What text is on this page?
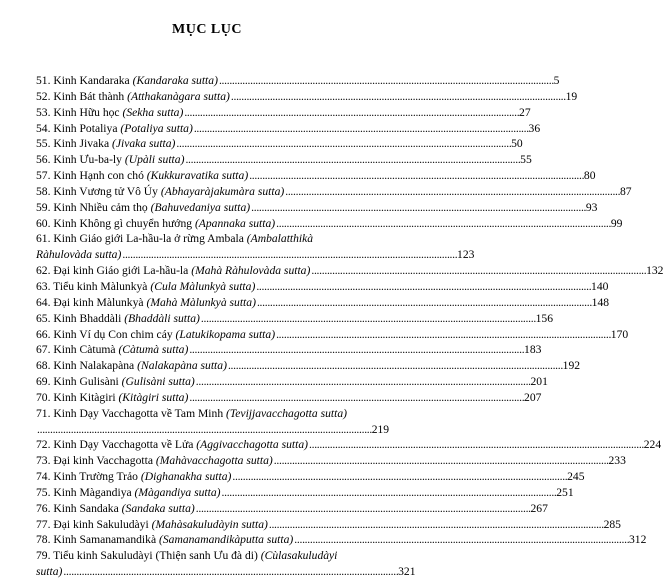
MỤC LỤC
51. Kinh Kandaraka (Kandaraka sutta) . . .	5
52. Kinh Bát thành (Atthakanàgara sutta) . . .	19
53. Kinh Hữu học (Sekha sutta) . . .	27
54. Kinh Potaliya (Potaliya sutta) . . .	36
55. Kinh Jivaka (Jivaka sutta) . . .	50
56. Kinh Ưu-ba-ly (Upàli sutta) . . .	55
57. Kinh Hạnh con chó (Kukkuravatika sutta) . . .	80
58. Kinh Vương tử Vô Úy (Abhayaràjakumàra sutta) . . .	87
59. Kinh Nhiều cảm thọ (Bahuvedaniya sutta) . . .	93
60. Kinh Không gì chuyển hướng (Apannaka sutta) . . .	99
61. Kinh Giáo giới La-hầu-la ở rừng Ambala (Ambalatthikà
Ràhulovàda sutta) . . .	123
62. Đại kinh Giáo giới La-hầu-la (Mahà Ràhulovàda sutta) . . .	132
63. Tiểu kinh Màlunkyà (Cula Màlunkyà sutta) . . .	140
64. Đại kinh Màlunkyà (Mahà Màlunkyà sutta) . . .	148
65. Kinh Bhaddàli (Bhaddàli sutta) . . .	156
66. Kinh Ví dụ Con chim cáy (Latukikopama sutta) . . .	170
67. Kinh Càtumà (Càtumà sutta) . . .	183
68. Kinh Nalakapàna (Nalakapàna sutta) . . .	192
69. Kinh Gulisàni (Gulisàni sutta) . . .	201
70. Kinh Kitàgiri (Kitàgiri sutta) . . .	207
71. Kinh Dạy Vacchagotta về Tam Minh (Tevijjavacchagotta sutta)
. . .
219
72. Kinh Dạy Vacchagotta về Lửa (Aggivacchagotta sutta) . . .	224
73. Đại kinh Vacchagotta (Mahàvacchagotta sutta) . . .	233
74. Kinh Trường Trảo (Dighanakha sutta) . . .	245
75. Kinh Màgandiya (Màgandiya sutta) . . .	251
76. Kinh Sandaka (Sandaka sutta) . . .	267
77. Đại kinh Sakuludàyi (Mahàsakuludàyin sutta) . . .	285
78. Kinh Samanamandikà (Samanamandikàputta sutta) . . .	312
79. Tiểu kinh Sakuludàyi (Thiện sanh Ưu đà di) (Cùlasakuludàyi
sutta) . . .	321
